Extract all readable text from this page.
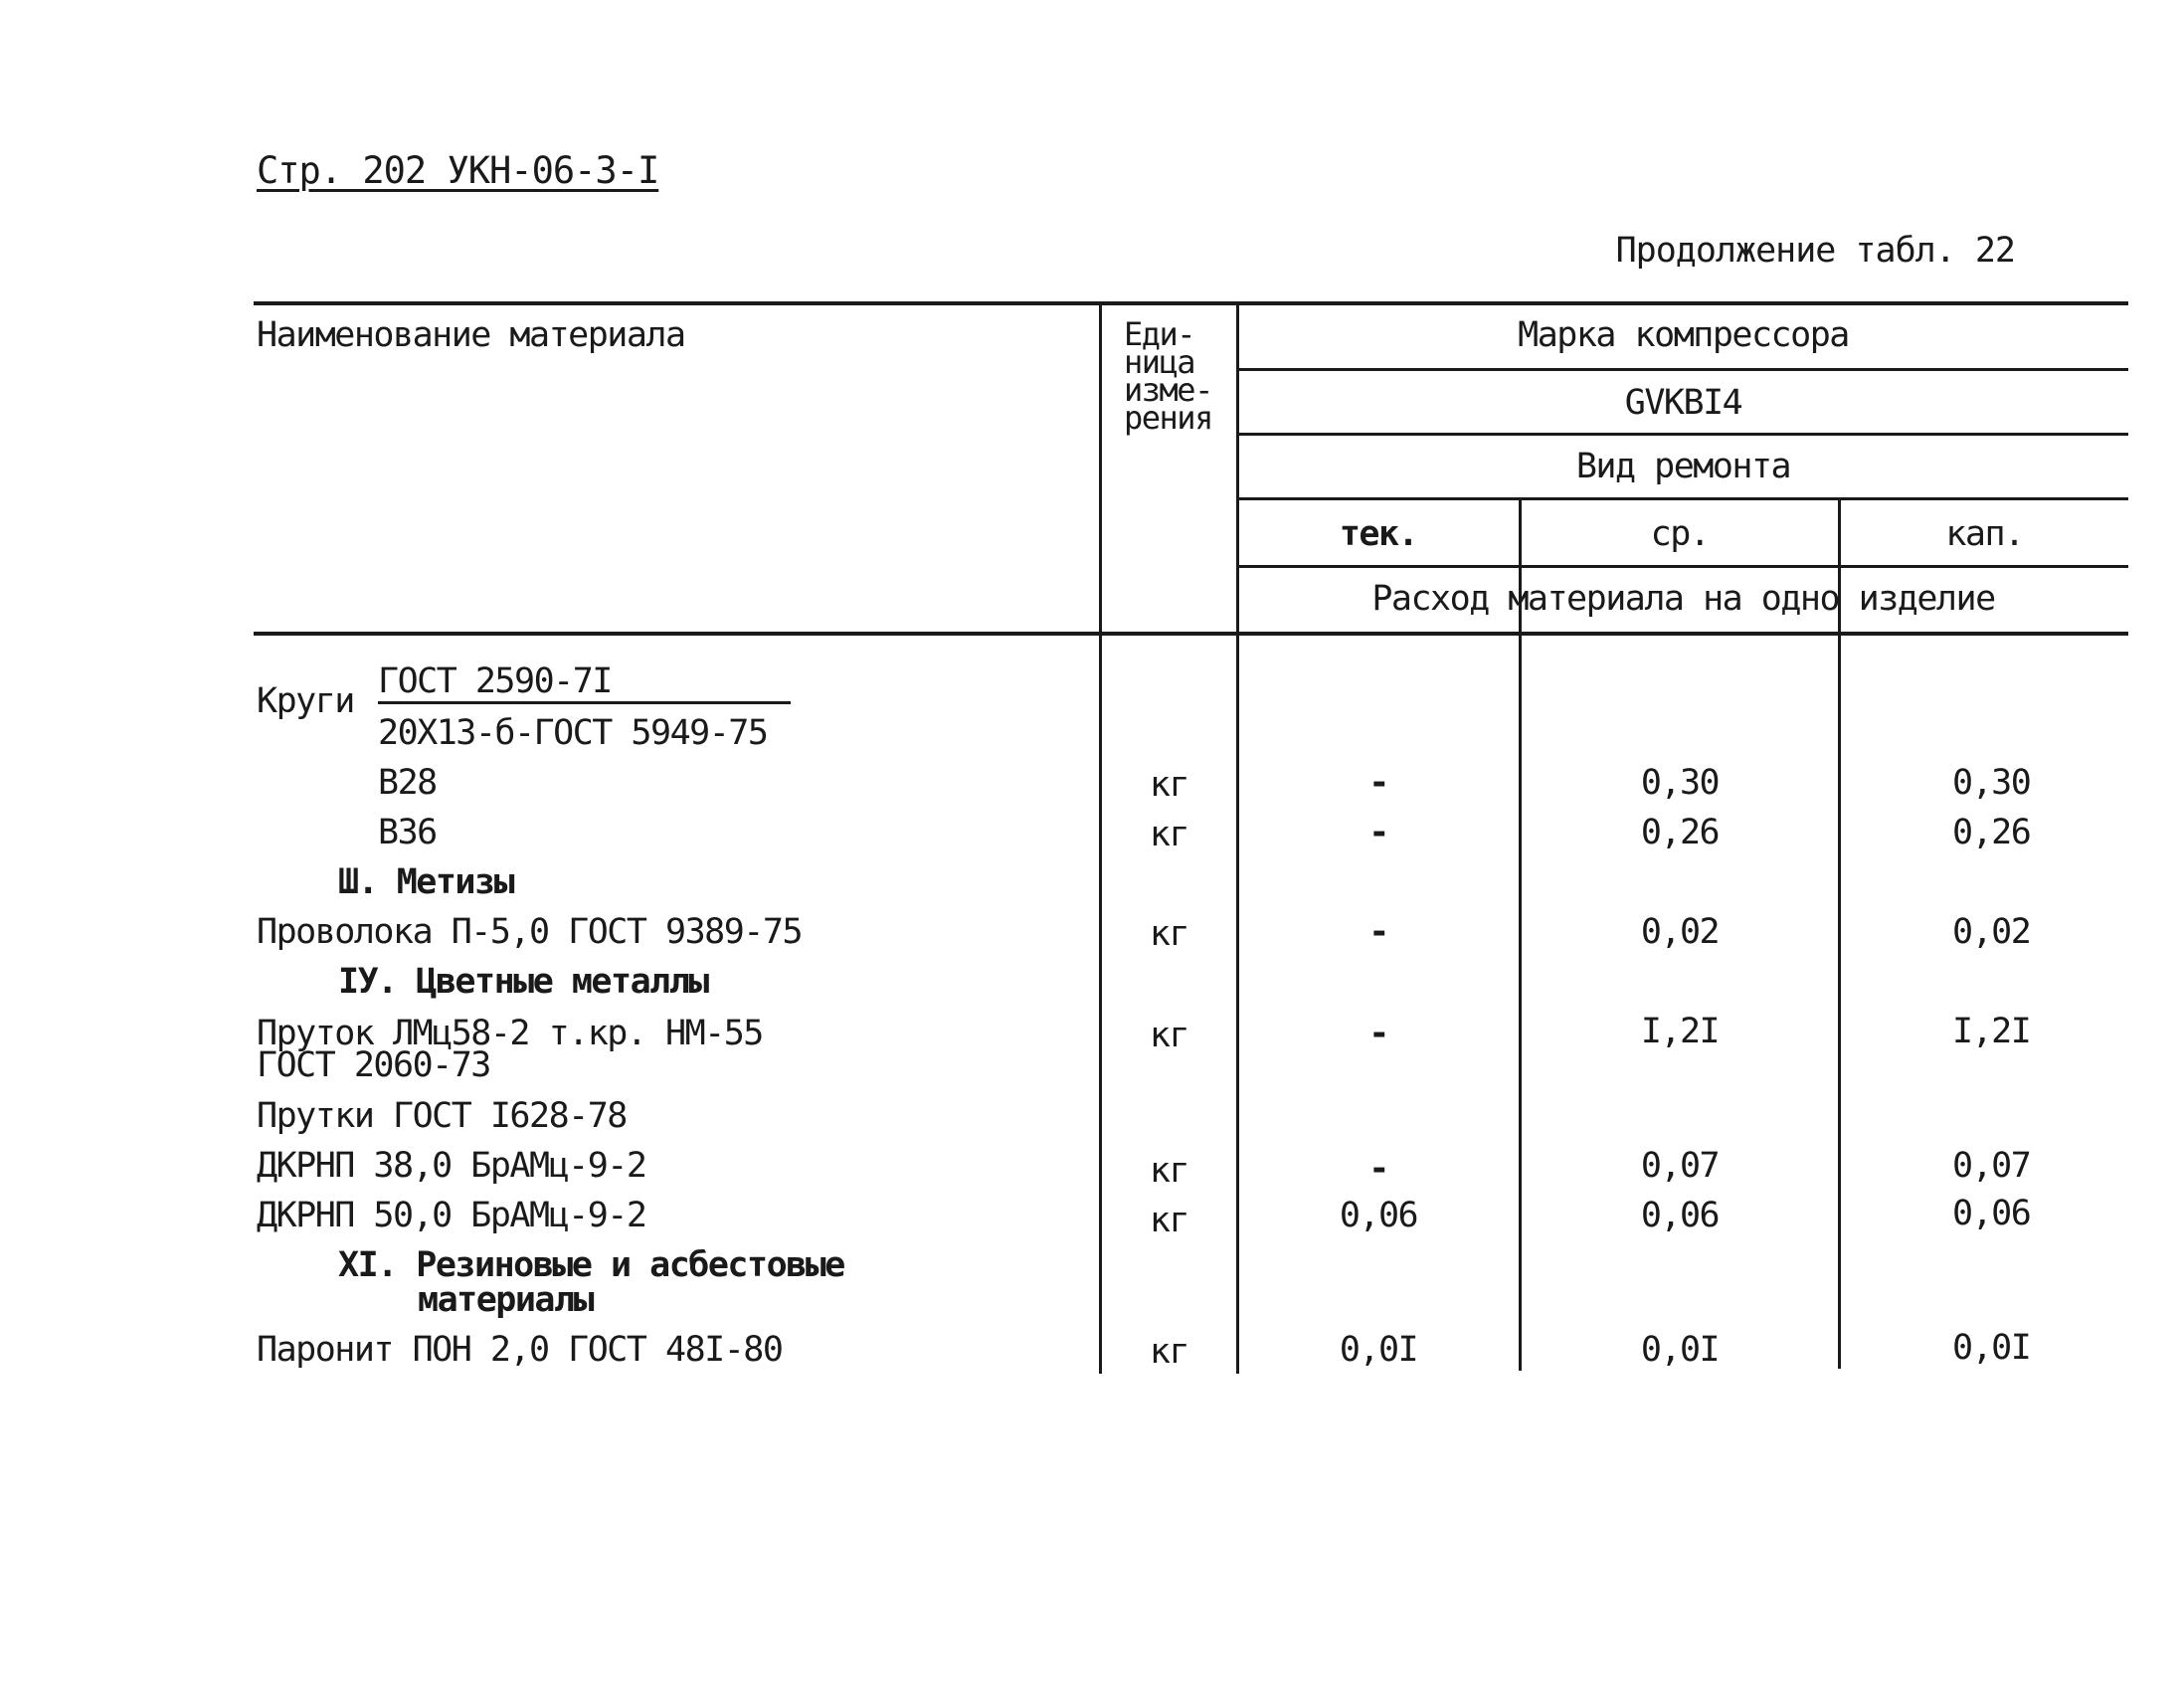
Стр. 202 УКН-06-3-I
Продолжение табл. 22
Наименование материала	Еди-
ница
изме-
рения
Марка компрессора
GVKBI4
Вид ремонта
тек.	ср.	кап.
Расход материала на одно изделие
Круги ГОСТ 2590-7I
20X13-б-ГОСТ 5949-75
В28	кг	-	0,30	0,30
В36	кг	-	0,26	0,26
Ш. Метизы
Проволока П-5,0 ГОСТ 9389-75	кг	-	0,02	0,02
IУ. Цветные металлы
Пруток ЛМц58-2 т.кр. НМ-55
ГОСТ 2060-73
кг	-	I,2I	I,2I
Прутки ГОСТ I628-78
ДКРНП 38,0 БрАМц-9-2	кг	-	0,07	0,07
ДКРНП 50,0 БрАМц-9-2	кг	0,06	0,06	0,06
XI. Резиновые и асбестовые
материалы
Паронит ПОН 2,0 ГОСТ 48I-80	кг	0,0I	0,0I	0,0I
